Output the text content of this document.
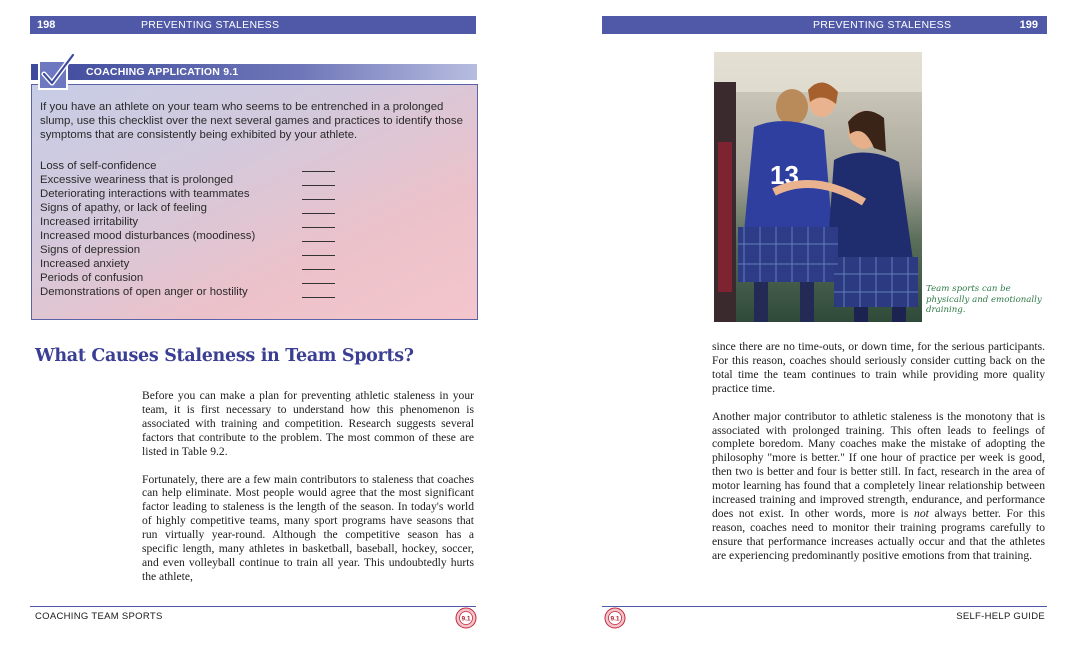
198	PREVENTING STALENESS
If you have an athlete on your team who seems to be entrenched in a prolonged slump, use this checklist over the next several games and practices to identify those symptoms that are consistently being exhibited by your athlete.
Loss of self-confidence
Excessive weariness that is prolonged
Deteriorating interactions with teammates
Signs of apathy, or lack of feeling
Increased irritability
Increased mood disturbances (moodiness)
Signs of depression
Increased anxiety
Periods of confusion
Demonstrations of open anger or hostility
COACHING APPLICATION 9.1
What Causes Staleness in Team Sports?

Before you can make a plan for preventing athletic staleness in your team, it is first necessary to understand how this phenomenon is associated with training and competition. Research suggests several factors that contribute to the problem. The most common of these are listed in Table 9.2.

Fortunately, there are a few main contributors to staleness that coaches can help eliminate. Most people would agree that the most significant factor leading to staleness is the length of the season. In today's world of highly competitive teams, many sport programs have seasons that run virtually year-round. Although the competitive season has a specific length, many athletes in basketball, baseball, hockey, soccer, and even volleyball continue to train all year. This undoubtedly hurts the athlete,

COACHING TEAM SPORTS	9.1
PREVENTING STALENESS	199
13
Team sports can be physically and emotionally draining.

since there are no time-outs, or down time, for the serious participants. For this reason, coaches should seriously consider cutting back on the total time the team continues to train while providing more quality practice time.

Another major contributor to athletic staleness is the monotony that is associated with prolonged training. This often leads to feelings of complete boredom. Many coaches make the mistake of adopting the philosophy "more is better." If one hour of practice per week is good, then two is better and four is better still. In fact, research in the area of motor learning has found that a completely linear relationship between increased training and improved strength, endurance, and performance does not exist. In other words, more is not always better. For this reason, coaches need to monitor their training programs carefully to ensure that performance increases actually occur and that the athletes are experiencing predominantly positive emotions from that training.

9.1	SELF-HELP GUIDE
